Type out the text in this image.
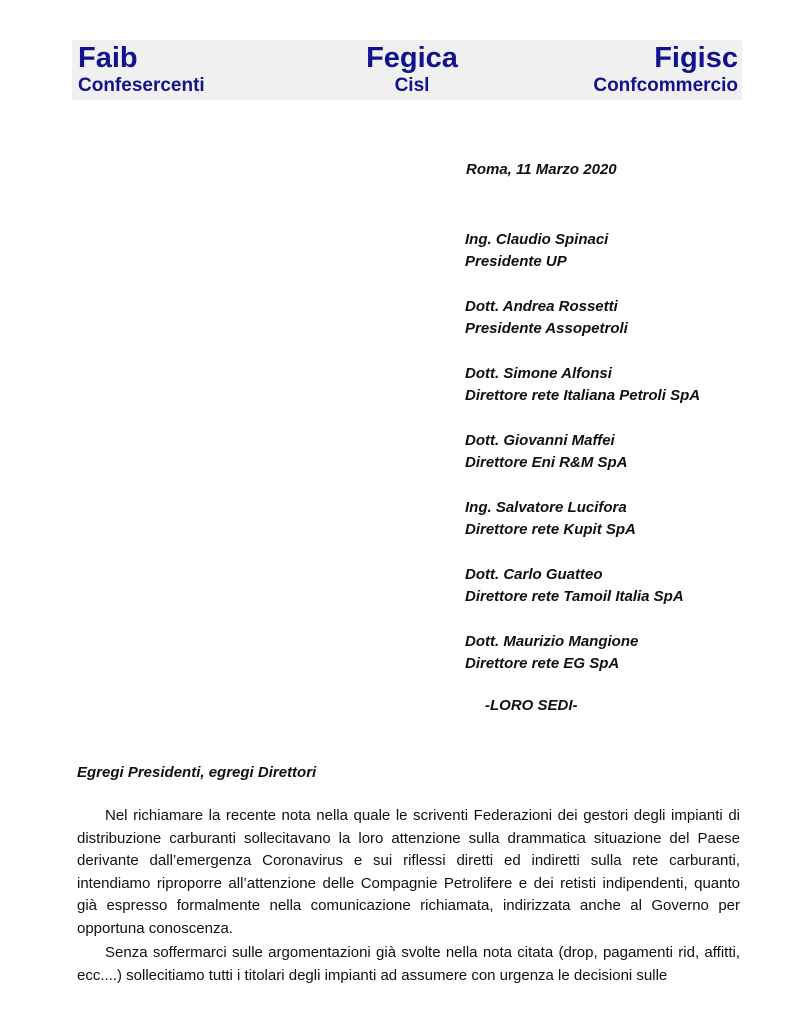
Faib
Confesercenti
Fegica
Cisl
Figisc
Confcommercio
Roma, 11 Marzo 2020
Ing. Claudio Spinaci
Presidente UP
Dott. Andrea Rossetti
Presidente Assopetroli
Dott. Simone Alfonsi
Direttore rete Italiana Petroli SpA
Dott. Giovanni Maffei
Direttore Eni R&M SpA
Ing. Salvatore Lucifora
Direttore rete Kupit SpA
Dott. Carlo Guatteo
Direttore rete Tamoil Italia SpA
Dott. Maurizio Mangione
Direttore rete EG SpA
-LORO SEDI-
Egregi Presidenti, egregi Direttori

Nel richiamare la recente nota nella quale le scriventi Federazioni dei gestori degli impianti di distribuzione carburanti sollecitavano la loro attenzione sulla drammatica situazione del Paese derivante dall’emergenza Coronavirus e sui riflessi diretti ed indiretti sulla rete carburanti, intendiamo riproporre all’attenzione delle Compagnie Petrolifere e dei retisti indipendenti, quanto già espresso formalmente nella comunicazione richiamata, indirizzata anche al Governo per opportuna conoscenza.

Senza soffermarci sulle argomentazioni già svolte nella nota citata (drop, pagamenti rid, affitti, ecc....) sollecitiamo tutti i titolari degli impianti ad assumere con urgenza le decisioni sulle
